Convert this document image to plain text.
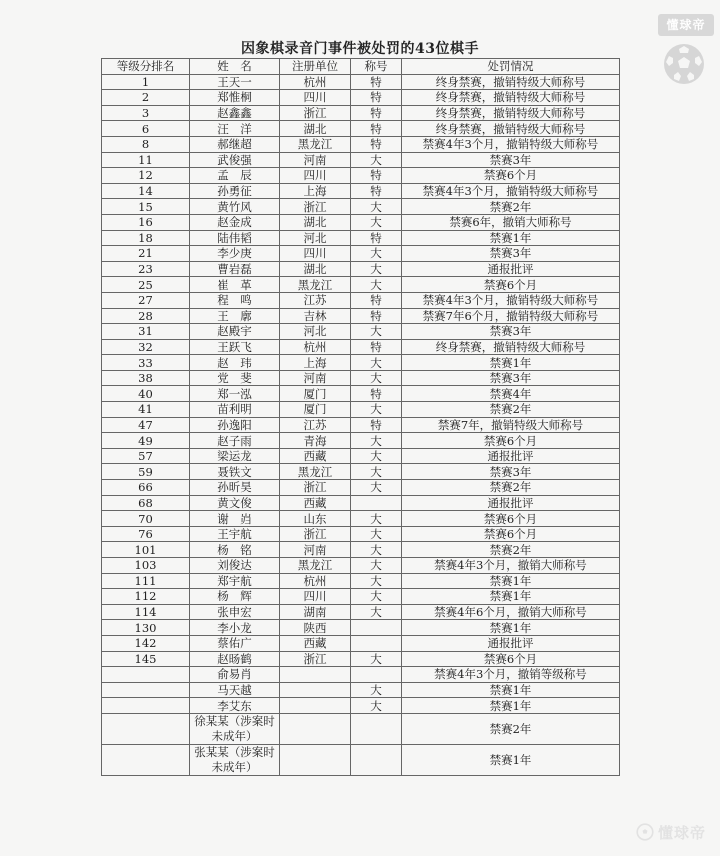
因象棋录音门事件被处罚的43位棋手
懂球帝
等级分排名	姓　名	注册单位	称号	处罚情况
1	王天一	杭州	特	终身禁赛，撤销特级大师称号
2	郑惟桐	四川	特	终身禁赛，撤销特级大师称号
3	赵鑫鑫	浙江	特	终身禁赛，撤销特级大师称号
6	汪　洋	湖北	特	终身禁赛，撤销特级大师称号
8	郝继超	黑龙江	特	禁赛4年3个月，撤销特级大师称号
11	武俊强	河南	大	禁赛3年
12	孟　辰	四川	特	禁赛6个月
14	孙勇征	上海	特	禁赛4年3个月，撤销特级大师称号
15	黄竹风	浙江	大	禁赛2年
16	赵金成	湖北	大	禁赛6年，撤销大师称号
18	陆伟韬	河北	特	禁赛1年
21	李少庚	四川	大	禁赛3年
23	曹岩磊	湖北	大	通报批评
25	崔　革	黑龙江	大	禁赛6个月
27	程　鸣	江苏	特	禁赛4年3个月，撤销特级大师称号
28	王　廓	吉林	特	禁赛7年6个月，撤销特级大师称号
31	赵殿宇	河北	大	禁赛3年
32	王跃飞	杭州	特	终身禁赛，撤销特级大师称号
33	赵　玮	上海	大	禁赛1年
38	党　斐	河南	大	禁赛3年
40	郑一泓	厦门	特	禁赛4年
41	苗利明	厦门	大	禁赛2年
47	孙逸阳	江苏	特	禁赛7年，撤销特级大师称号
49	赵子雨	青海	大	禁赛6个月
57	梁运龙	西藏	大	通报批评
59	聂铁文	黑龙江	大	禁赛3年
66	孙昕昊	浙江	大	禁赛2年
68	黄文俊	西藏		通报批评
70	谢　岿	山东	大	禁赛6个月
76	王宇航	浙江	大	禁赛6个月
101	杨　铭	河南	大	禁赛2年
103	刘俊达	黑龙江	大	禁赛4年3个月，撤销大师称号
111	郑宇航	杭州	大	禁赛1年
112	杨　辉	四川	大	禁赛1年
114	张申宏	湖南	大	禁赛4年6个月，撤销大师称号
130	李小龙	陕西		禁赛1年
142	蔡佑广	西藏		通报批评
145	赵旸鹤	浙江	大	禁赛6个月
	俞易肖			禁赛4年3个月，撤销等级称号
	马天越		大	禁赛1年
	李艾东		大	禁赛1年
	徐某某（涉案时未成年）			禁赛2年
	张某某（涉案时未成年）			禁赛1年
懂球帝
